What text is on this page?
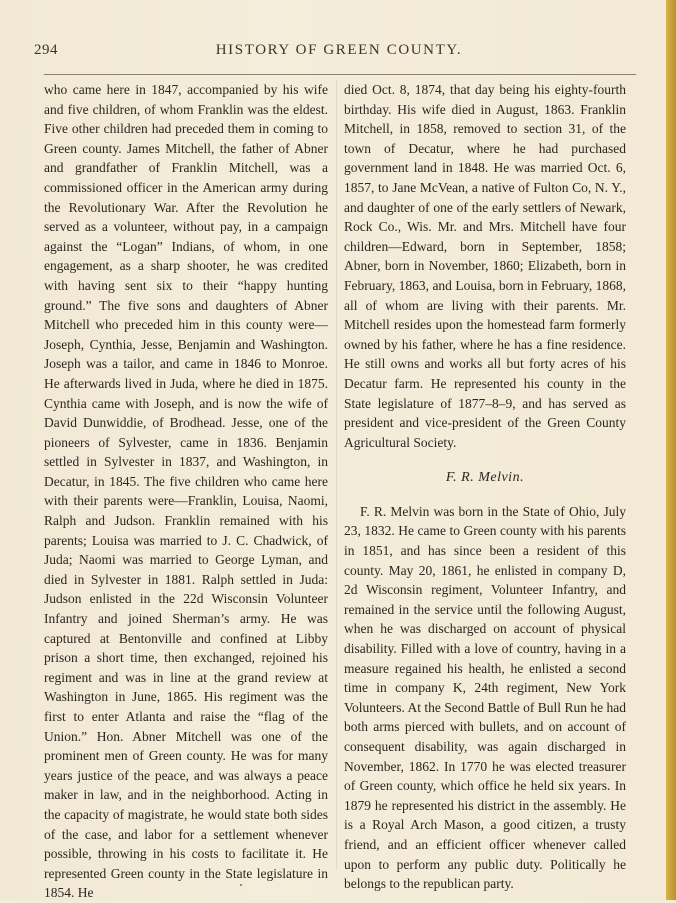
294	HISTORY OF GREEN COUNTY.

who came here in 1847, accompanied by his wife and five children, of whom Franklin was the eldest. Five other children had preceded them in coming to Green county. James Mitchell, the father of Abner and grandfather of Franklin Mitchell, was a commissioned officer in the American army during the Revolutionary War. After the Revolution he served as a volunteer, without pay, in a campaign against the “Logan” Indians, of whom, in one engagement, as a sharp shooter, he was credited with having sent six to their “happy hunting ground.” The five sons and daughters of Abner Mitchell who preceded him in this county were—Joseph, Cynthia, Jesse, Benjamin and Washington. Joseph was a tailor, and came in 1846 to Monroe. He afterwards lived in Juda, where he died in 1875. Cynthia came with Joseph, and is now the wife of David Dunwiddie, of Brodhead. Jesse, one of the pioneers of Sylvester, came in 1836. Benjamin settled in Sylvester in 1837, and Washington, in Decatur, in 1845. The five children who came here with their parents were—Franklin, Louisa, Naomi, Ralph and Judson. Franklin remained with his parents; Louisa was married to J. C. Chadwick, of Juda; Naomi was married to George Lyman, and died in Sylvester in 1881. Ralph settled in Juda: Judson enlisted in the 22d Wisconsin Volunteer Infantry and joined Sherman’s army. He was captured at Bentonville and confined at Libby prison a short time, then exchanged, rejoined his regiment and was in line at the grand review at Washington in June, 1865. His regiment was the first to enter Atlanta and raise the “flag of the Union.” Hon. Abner Mitchell was one of the prominent men of Green county. He was for many years justice of the peace, and was always a peace maker in law, and in the neighborhood. Acting in the capacity of magistrate, he would state both sides of the case, and labor for a settlement whenever possible, throwing in his costs to facilitate it. He represented Green county in the State legislature in 1854. He

died Oct. 8, 1874, that day being his eighty-fourth birthday. His wife died in August, 1863. Franklin Mitchell, in 1858, removed to section 31, of the town of Decatur, where he had purchased government land in 1848. He was married Oct. 6, 1857, to Jane McVean, a native of Fulton Co, N. Y., and daughter of one of the early settlers of Newark, Rock Co., Wis. Mr. and Mrs. Mitchell have four children—Edward, born in September, 1858; Abner, born in November, 1860; Elizabeth, born in February, 1863, and Louisa, born in February, 1868, all of whom are living with their parents. Mr. Mitchell resides upon the homestead farm formerly owned by his father, where he has a fine residence. He still owns and works all but forty acres of his Decatur farm. He represented his county in the State legislature of 1877–8–9, and has served as president and vice-president of the Green County Agricultural Society.

F. R. Melvin.

F. R. Melvin was born in the State of Ohio, July 23, 1832. He came to Green county with his parents in 1851, and has since been a resident of this county. May 20, 1861, he enlisted in company D, 2d Wisconsin regiment, Volunteer Infantry, and remained in the service until the following August, when he was discharged on account of physical disability. Filled with a love of country, having in a measure regained his health, he enlisted a second time in company K, 24th regiment, New York Volunteers. At the Second Battle of Bull Run he had both arms pierced with bullets, and on account of consequent disability, was again discharged in November, 1862. In 1770 he was elected treasurer of Green county, which office he held six years. In 1879 he represented his district in the assembly. He is a Royal Arch Mason, a good citizen, a trusty friend, and an efficient officer whenever called upon to perform any public duty. Politically he belongs to the republican party.
